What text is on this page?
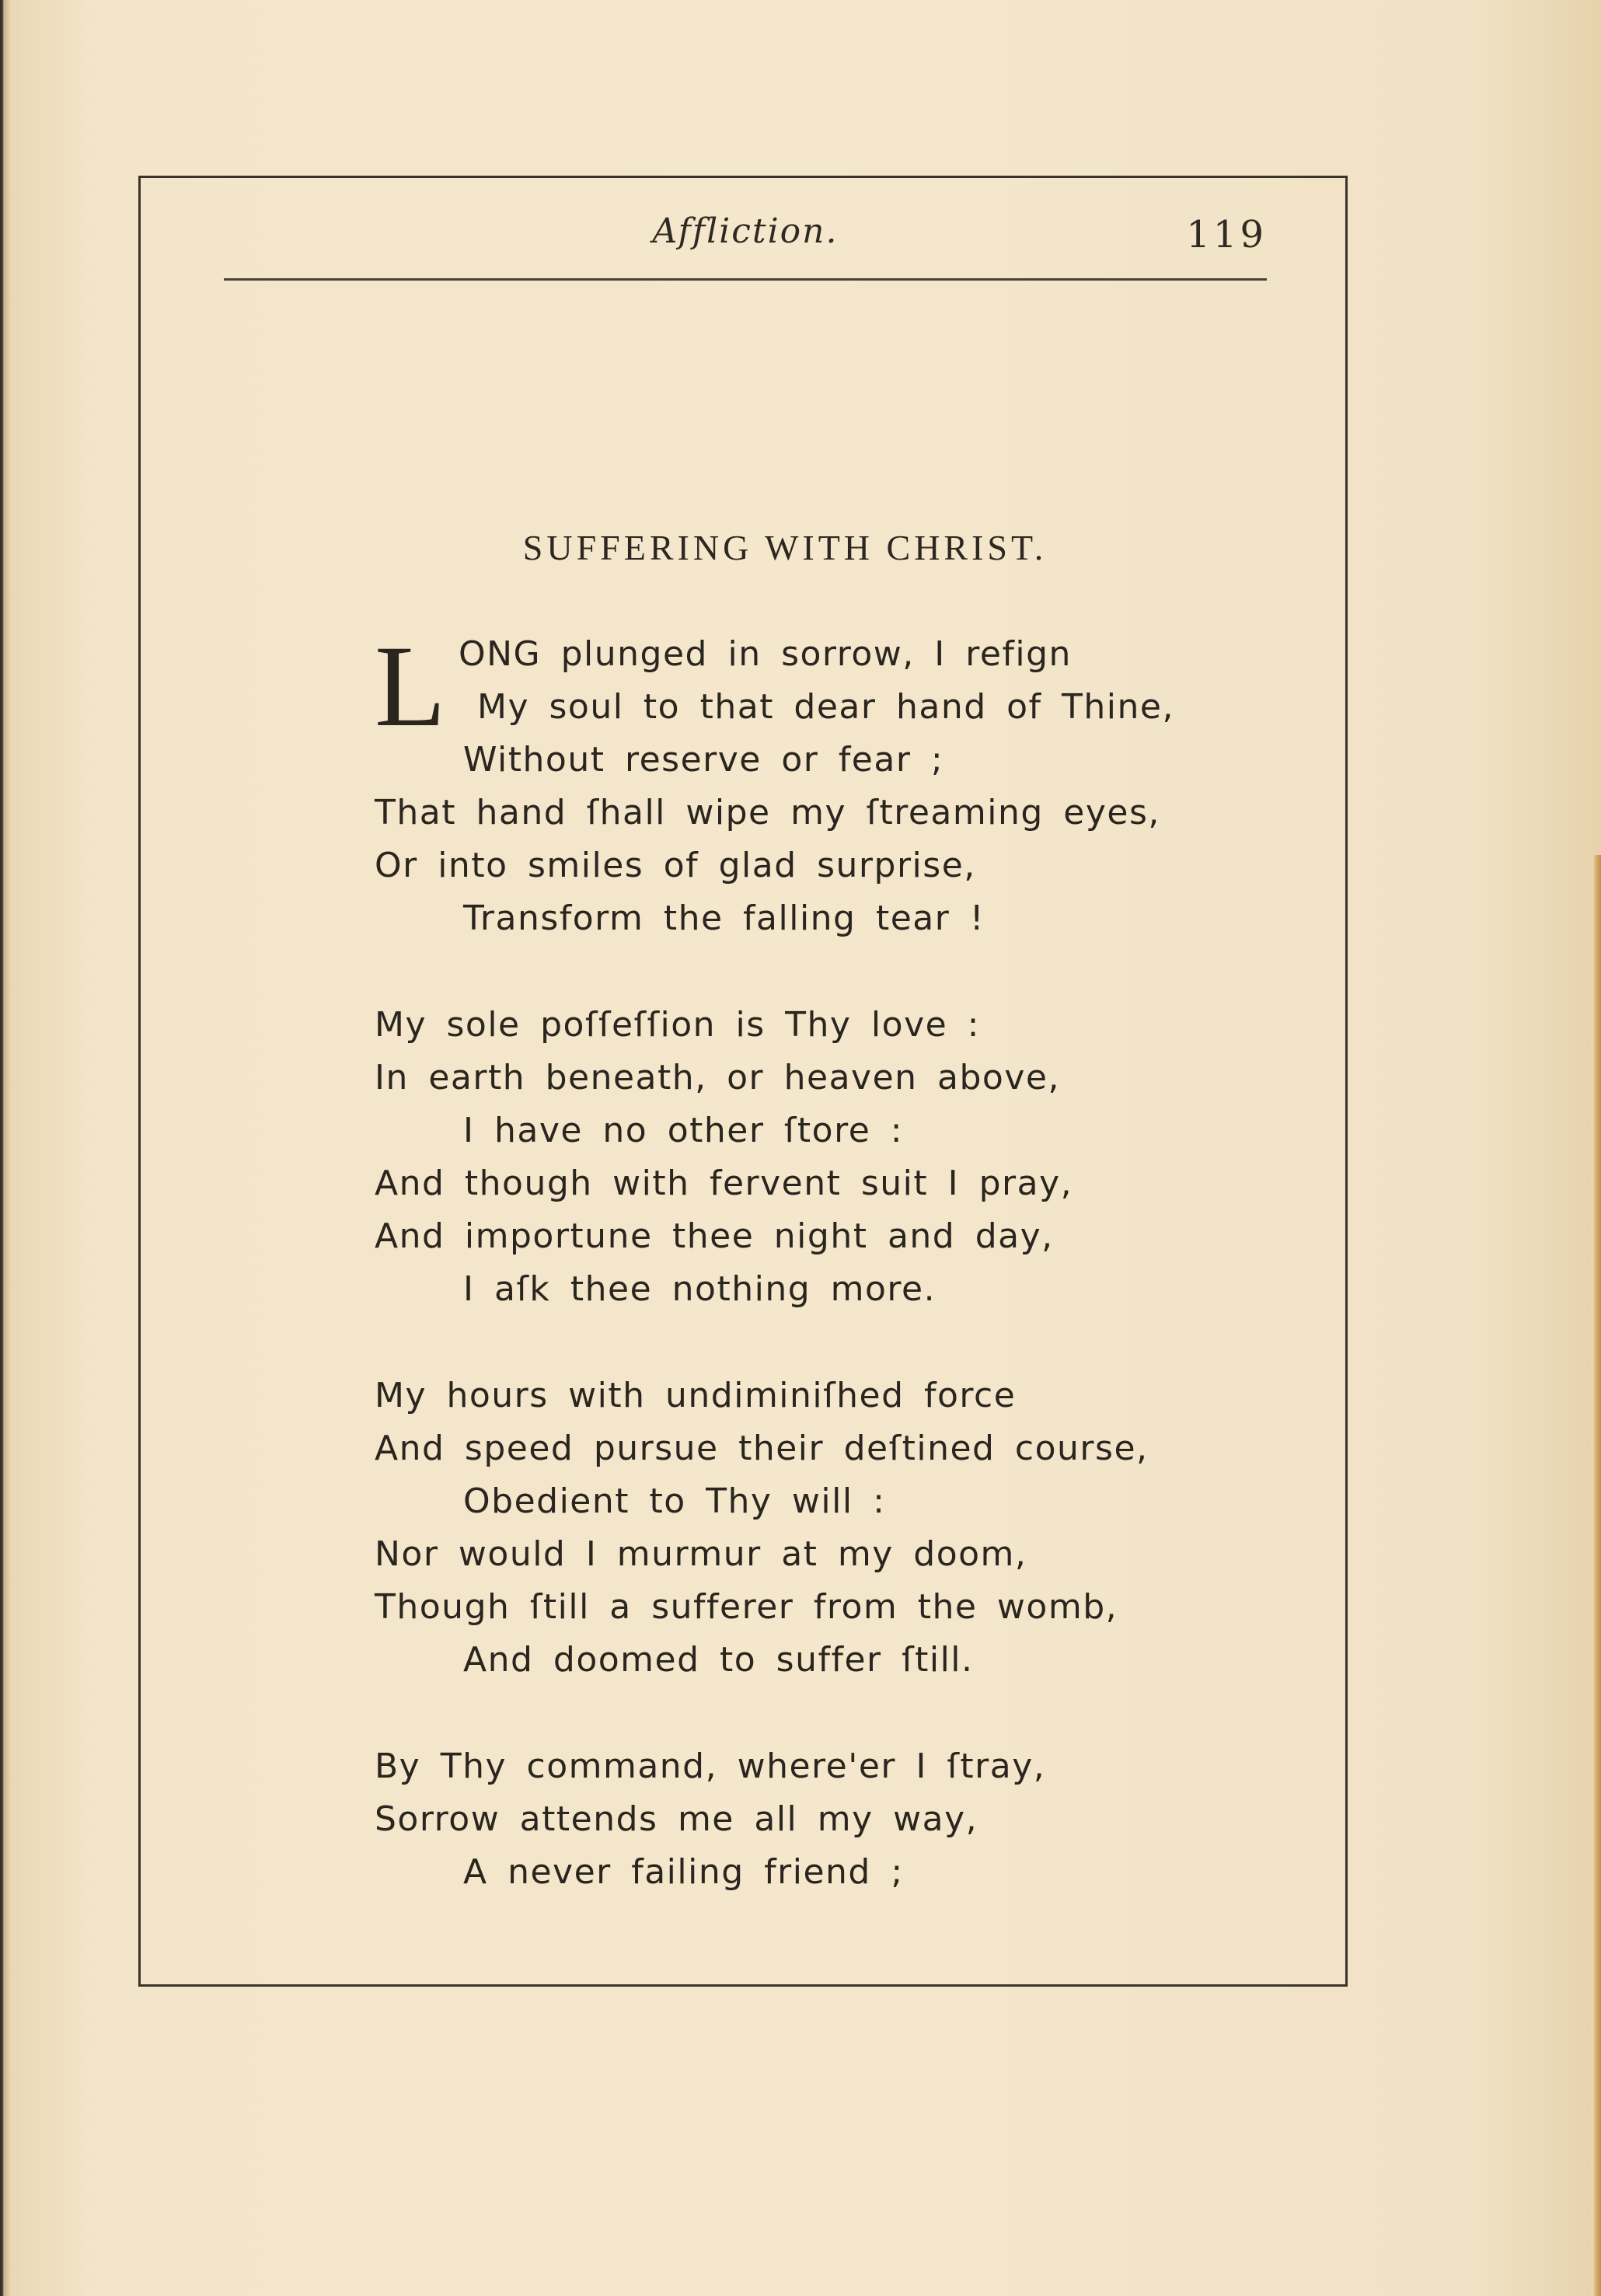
Affliction.	119
SUFFERING WITH CHRIST.
L ONG plunged in sorrow, I refign
My soul to that dear hand of Thine,
Without reserve or fear ;
That hand ſhall wipe my ſtreaming eyes,
Or into smiles of glad surprise,
Transform the falling tear !
My sole poſſeſſion is Thy love :
In earth beneath, or heaven above,
I have no other ſtore :
And though with fervent suit I pray,
And importune thee night and day,
I aſk thee nothing more.
My hours with undiminiſhed force
And speed pursue their deſtined course,
Obedient to Thy will :
Nor would I murmur at my doom,
Though ſtill a sufferer from the womb,
And doomed to suffer ſtill.
By Thy command, where'er I ſtray,
Sorrow attends me all my way,
A never failing friend ;
